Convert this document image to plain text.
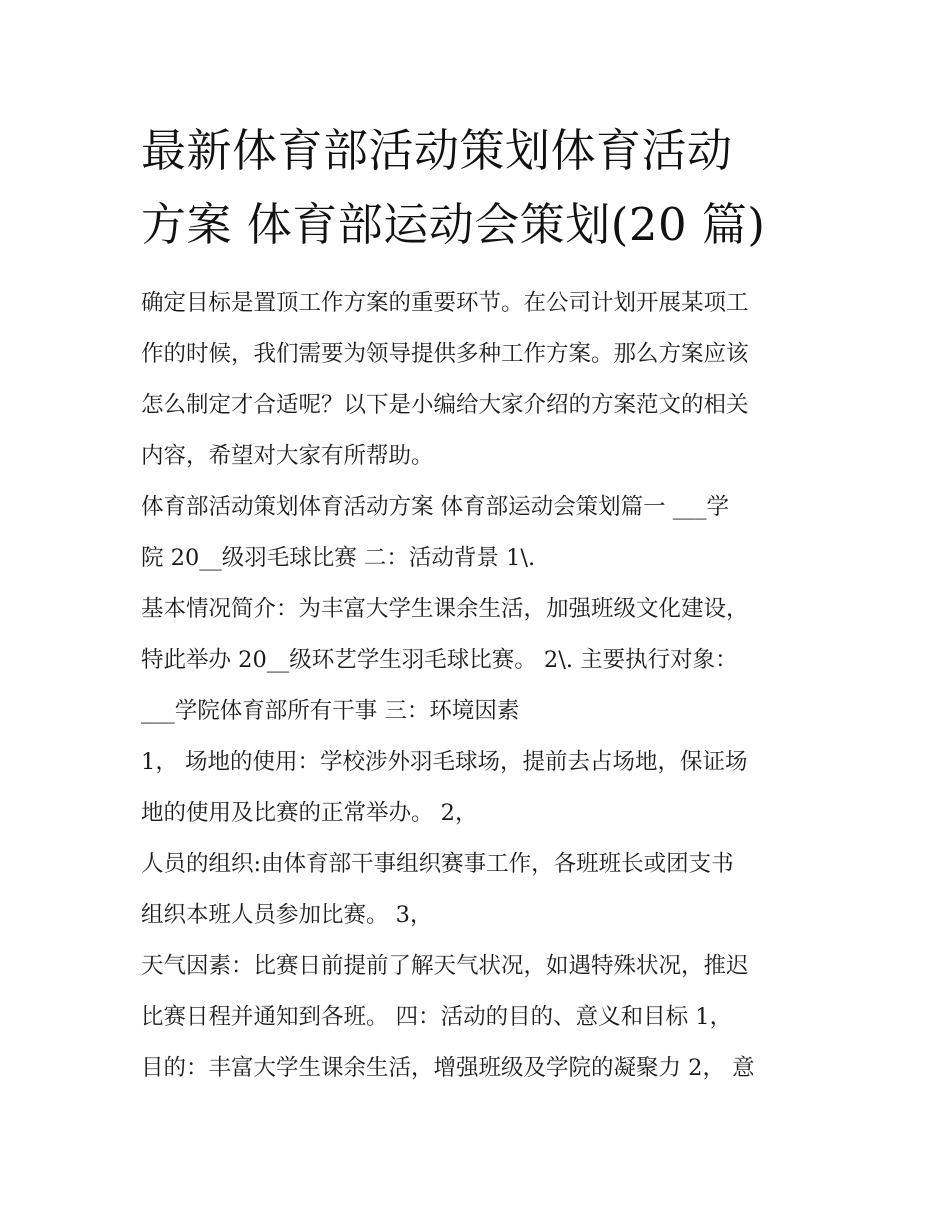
最新体育部活动策划体育活动
方案 体育部运动会策划(20 篇)
确定目标是置顶工作方案的重要环节。在公司计划开展某项工
作的时候，我们需要为领导提供多种工作方案。那么方案应该
怎么制定才合适呢？以下是小编给大家介绍的方案范文的相关
内容，希望对大家有所帮助。
体育部活动策划体育活动方案 体育部运动会策划篇一 ___学
院 20__级羽毛球比赛 二：活动背景 1\.
基本情况简介：为丰富大学生课余生活，加强班级文化建设，
特此举办 20__级环艺学生羽毛球比赛。 2\. 主要执行对象：
___学院体育部所有干事 三：环境因素
1， 场地的使用：学校涉外羽毛球场，提前去占场地，保证场
地的使用及比赛的正常举办。 2，
人员的组织:由体育部干事组织赛事工作，各班班长或团支书
组织本班人员参加比赛。 3，
天气因素：比赛日前提前了解天气状况，如遇特殊状况，推迟
比赛日程并通知到各班。 四：活动的目的、意义和目标 1，
目的：丰富大学生课余生活，增强班级及学院的凝聚力 2， 意
